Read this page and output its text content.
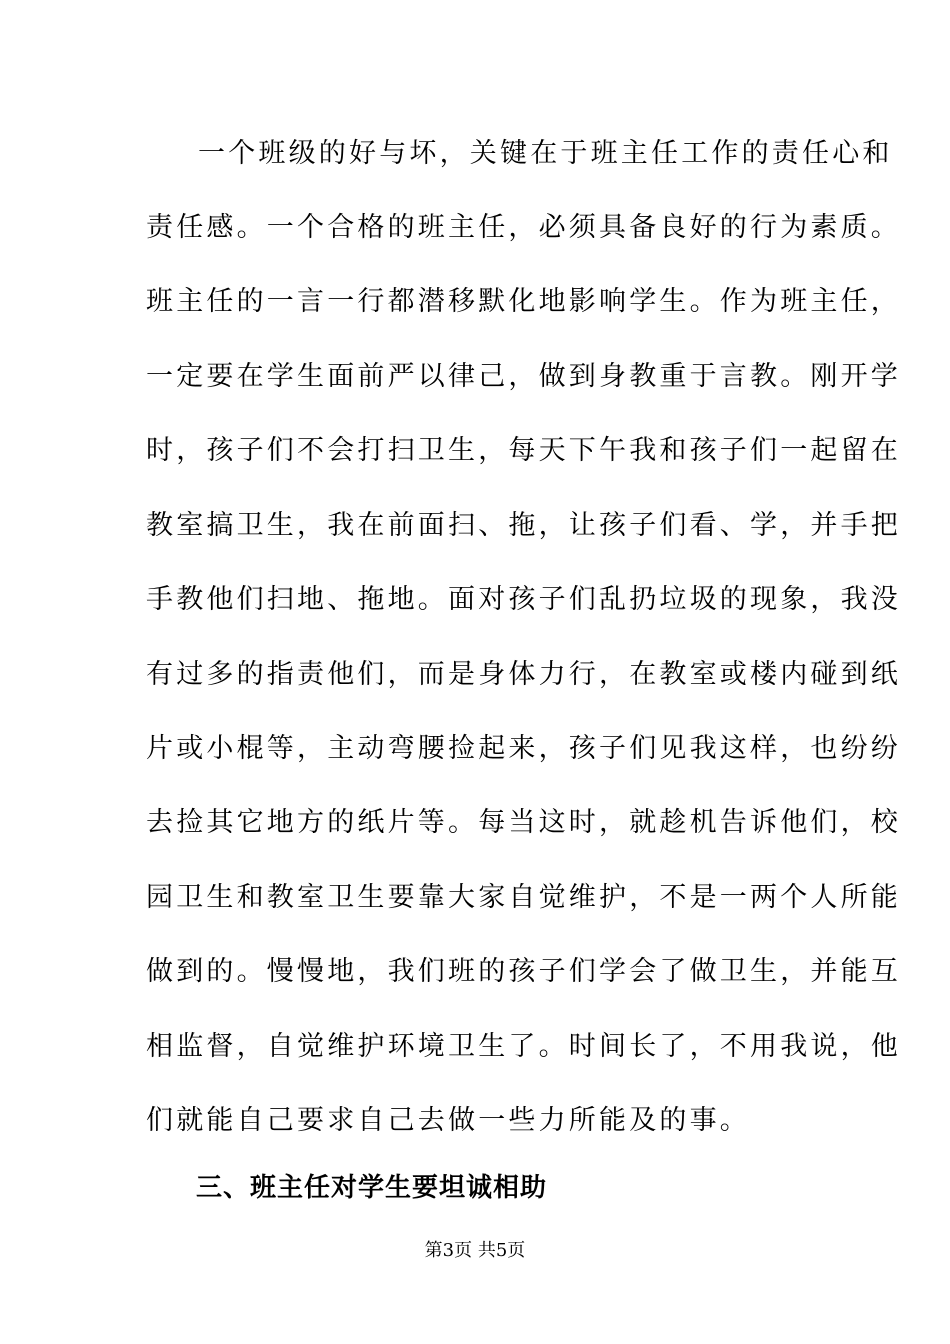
一个班级的好与坏，关键在于班主任工作的责任心和
责任感。一个合格的班主任，必须具备良好的行为素质。
班主任的一言一行都潜移默化地影响学生。作为班主任，
一定要在学生面前严以律己，做到身教重于言教。刚开学
时，孩子们不会打扫卫生，每天下午我和孩子们一起留在
教室搞卫生，我在前面扫、拖，让孩子们看、学，并手把
手教他们扫地、拖地。面对孩子们乱扔垃圾的现象，我没
有过多的指责他们，而是身体力行，在教室或楼内碰到纸
片或小棍等，主动弯腰捡起来，孩子们见我这样，也纷纷
去捡其它地方的纸片等。每当这时，就趁机告诉他们，校
园卫生和教室卫生要靠大家自觉维护，不是一两个人所能
做到的。慢慢地，我们班的孩子们学会了做卫生，并能互
相监督，自觉维护环境卫生了。时间长了，不用我说，他
们就能自己要求自己去做一些力所能及的事。
三、班主任对学生要坦诚相助
第3页 共5页
